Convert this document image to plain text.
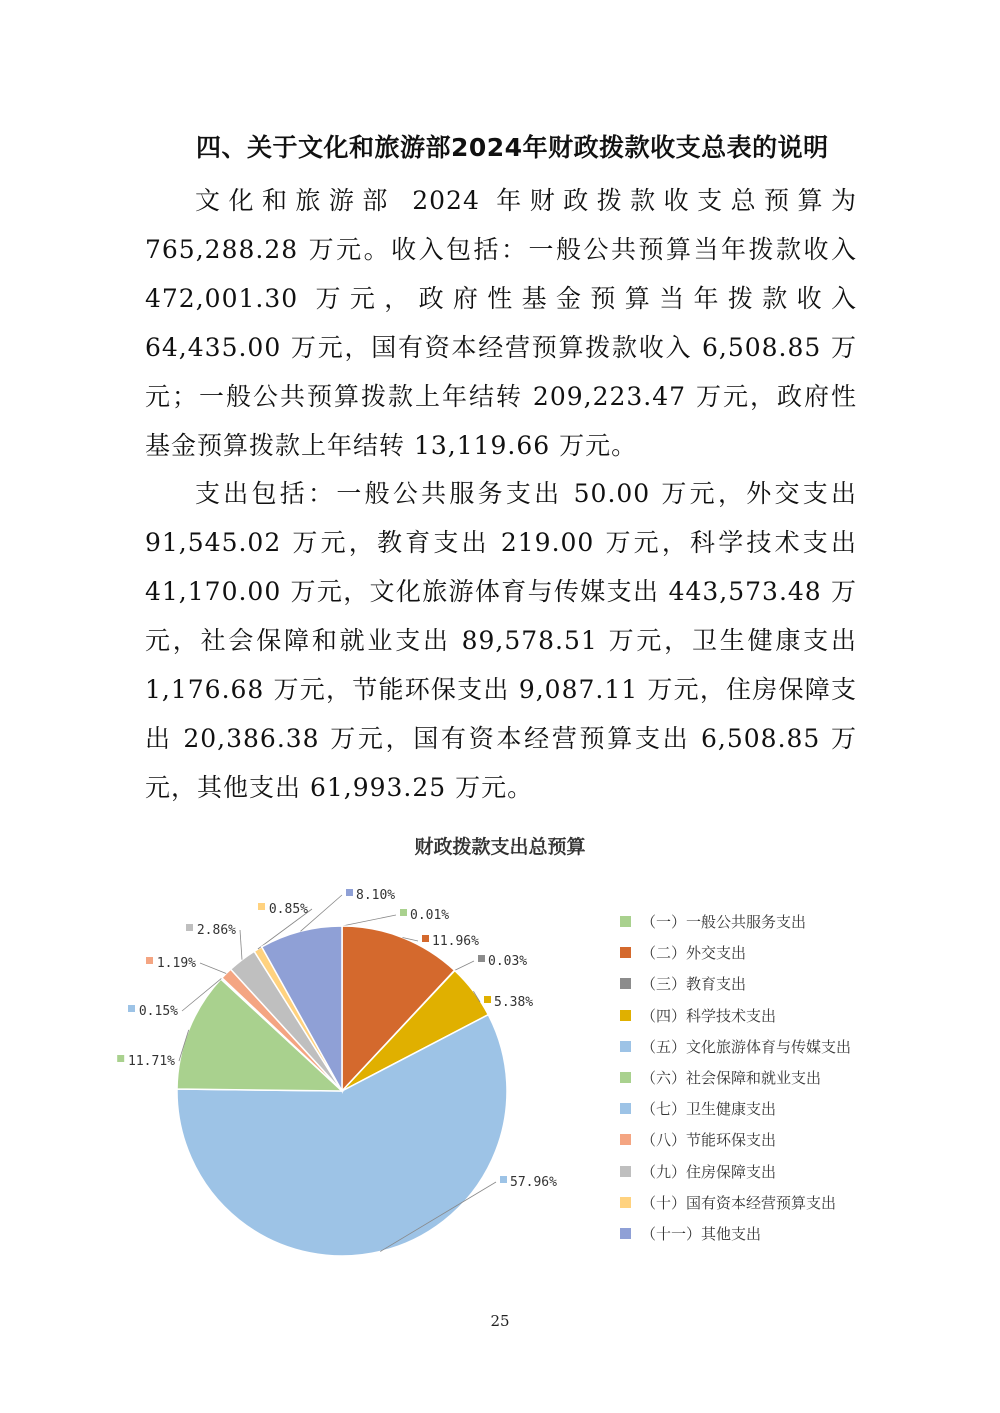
四、关于文化和旅游部2024年财政拨款收支总表的说明

文化和旅游部 2024 年财政拨款收支总预算为 765,288.28 万元。收入包括：一般公共预算当年拨款收入 472,001.30 万元，政府性基金预算当年拨款收入 64,435.00 万元，国有资本经营预算拨款收入 6,508.85 万元；一般公共预算拨款上年结转 209,223.47 万元，政府性基金预算拨款上年结转 13,119.66 万元。

支出包括：一般公共服务支出 50.00 万元，外交支出 91,545.02 万元，教育支出 219.00 万元，科学技术支出 41,170.00 万元，文化旅游体育与传媒支出 443,573.48 万元，社会保障和就业支出 89,578.51 万元，卫生健康支出 1,176.68 万元，节能环保支出 9,087.11 万元，住房保障支出 20,386.38 万元，国有资本经营预算支出 6,508.85 万元，其他支出 61,993.25 万元。

财政拨款支出总预算
0.01%
11.96%
0.03%
5.38%
57.96%
11.71%
0.15%
1.19%
2.86%
0.85%
8.10%
（一）一般公共服务支出
（二）外交支出
（三）教育支出
（四）科学技术支出
（五）文化旅游体育与传媒支出
（六）社会保障和就业支出
（七）卫生健康支出
（八）节能环保支出
（九）住房保障支出
（十）国有资本经营预算支出
（十一）其他支出
25
